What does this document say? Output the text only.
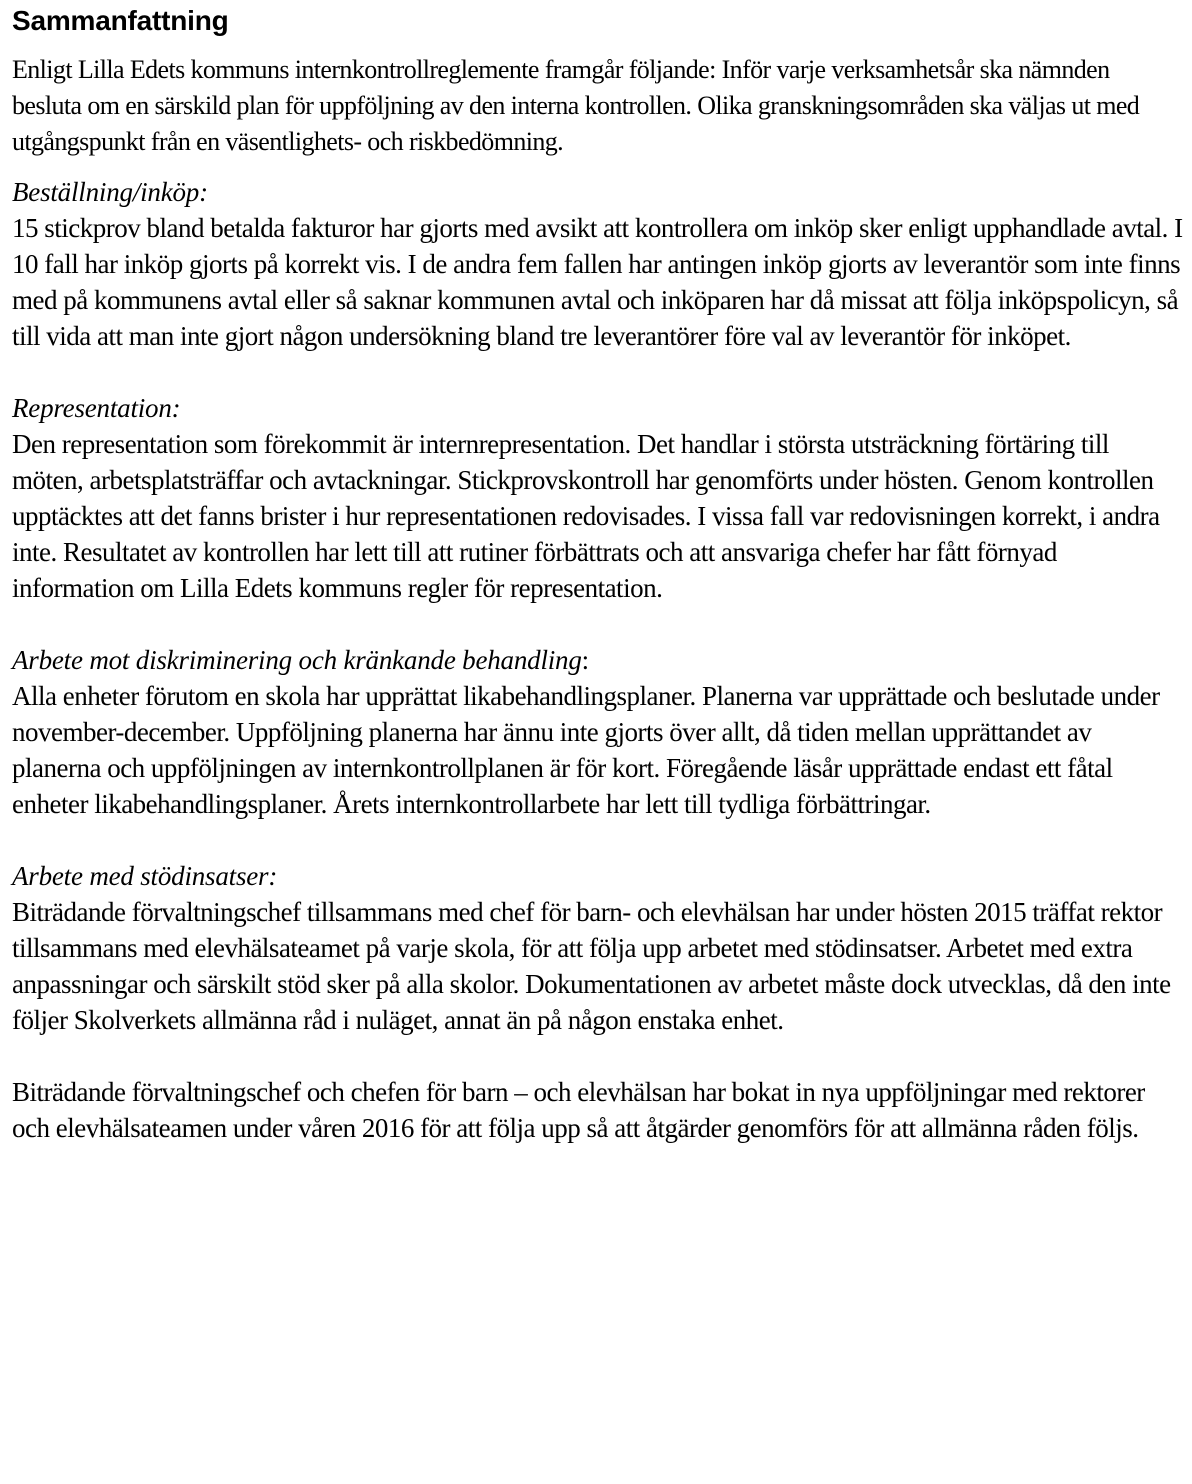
Sammanfattning

Enligt Lilla Edets kommuns internkontrollreglemente framgår följande: Inför varje verksamhetsår ska nämnden besluta om en särskild plan för uppföljning av den interna kontrollen. Olika granskningsområden ska väljas ut med utgångspunkt från en väsentlighets- och riskbedömning.

Beställning/inköp:

15 stickprov bland betalda fakturor har gjorts med avsikt att kontrollera om inköp sker enligt upphandlade avtal. I 10 fall har inköp gjorts på korrekt vis. I de andra fem fallen har antingen inköp gjorts av leverantör som inte finns med på kommunens avtal eller så saknar kommunen avtal och inköparen har då missat att följa inköpspolicyn, så till vida att man inte gjort någon undersökning bland tre leverantörer före val av leverantör för inköpet.

Representation:

Den representation som förekommit är internrepresentation. Det handlar i största utsträckning förtäring till möten, arbetsplatsträffar och avtackningar. Stickprovskontroll har genomförts under hösten. Genom kontrollen upptäcktes att det fanns brister i hur representationen redovisades. I vissa fall var redovisningen korrekt, i andra inte. Resultatet av kontrollen har lett till att rutiner förbättrats och att ansvariga chefer har fått förnyad information om Lilla Edets kommuns regler för representation.

Arbete mot diskriminering och kränkande behandling:

Alla enheter förutom en skola har upprättat likabehandlingsplaner. Planerna var upprättade och beslutade under november-december. Uppföljning planerna har ännu inte gjorts över allt, då tiden mellan upprättandet av planerna och uppföljningen av internkontrollplanen är för kort. Föregående läsår upprättade endast ett fåtal enheter likabehandlingsplaner. Årets internkontrollarbete har lett till tydliga förbättringar.

Arbete med stödinsatser:

Biträdande förvaltningschef tillsammans med chef för barn- och elevhälsan har under hösten 2015 träffat rektor tillsammans med elevhälsateamet på varje skola, för att följa upp arbetet med stödinsatser. Arbetet med extra anpassningar och särskilt stöd sker på alla skolor. Dokumentationen av arbetet måste dock utvecklas, då den inte följer Skolverkets allmänna råd i nuläget, annat än på någon enstaka enhet.

Biträdande förvaltningschef och chefen för barn – och elevhälsan har bokat in nya uppföljningar med rektorer och elevhälsateamen under våren 2016 för att följa upp så att åtgärder genomförs för att allmänna råden följs.
